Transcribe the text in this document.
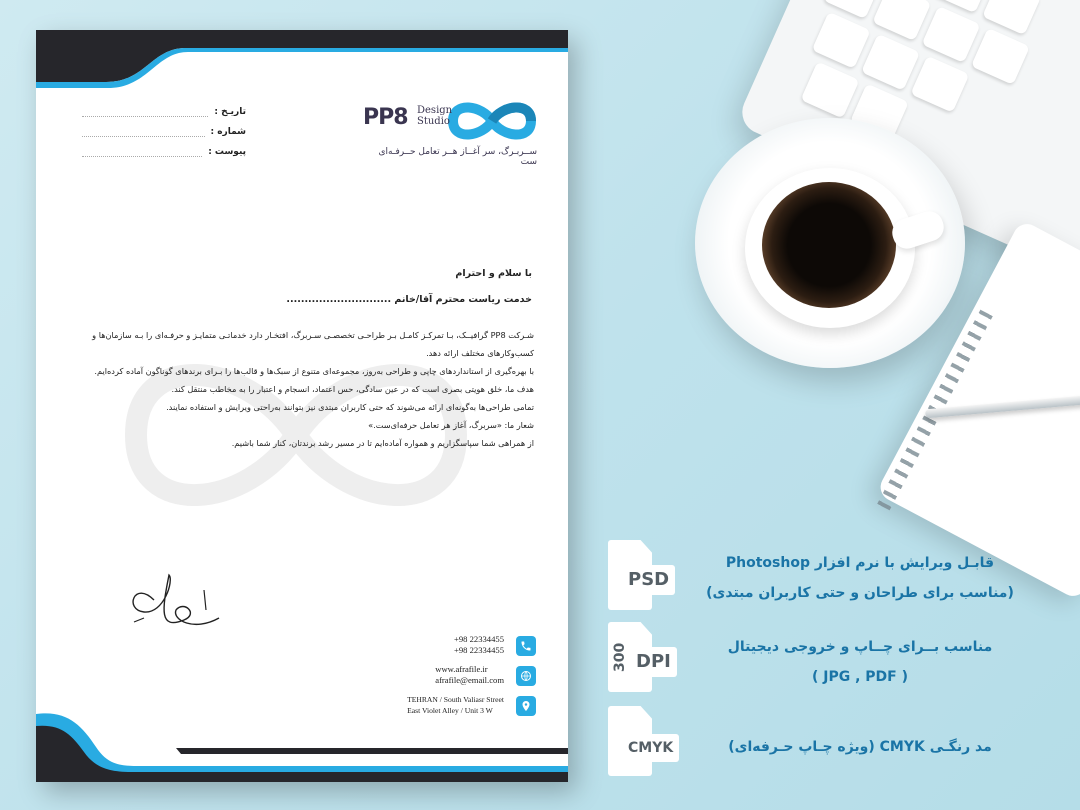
تاریـخ :
شماره :
پیوست :
PP8 Design
Studio
ســربـرگ، سر آغــاز هــر تعامل حــرفـه‌ای ست
با سلام و احترام
خدمت ریاست محترم آقا/خانم .............................

شـرکت PP8 گرافیــک، بـا تمرکـز کامـل بـر طراحـی تخصصـی سـربرگ، افتخـار دارد خدماتـی متمایـز و حرفـه‌ای را بـه سازمان‌ها و کسب‌وکارهای مختلف ارائه دهد.

با بهره‌گیری از استانداردهای چاپی و طراحی به‌روز، مجموعه‌ای متنوع از سبک‌ها و قالب‌ها را بـرای برندهای گوناگون آماده کرده‌ایم.

هدف ما، خلق هویتی بصری است که در عین سادگی، حس اعتماد، انسجام و اعتبار را به مخاطب منتقل کند.

تمامی طراحی‌ها به‌گونه‌ای ارائه می‌شوند که حتی کاربران مبتدی نیز بتوانند به‌راحتی ویرایش و استفاده نمایند.

شعار ما: «سربرگ، آغاز هر تعامل حرفه‌ای‌ست.»

از همراهی شما سپاسگزاریم و همواره آماده‌ایم تا در مسیر رشد برندتان، کنار شما باشیم.

+98 22334455
+98 22334455
www.afrafile.ir
afrafile@email.com
TEHRAN / South Valiasr Street
East Violet Alley / Unit 3 W
PSD
قابـل ویرایش با نرم افزار Photoshop
(مناسب برای طراحان و حتی کاربران مبتدی)
300 DPI
مناسب بــرای چــاپ و خروجی دیجیتال
( JPG , PDF )
CMYK	مد رنگـی CMYK (ویژه چـاپ حـرفه‌ای)
